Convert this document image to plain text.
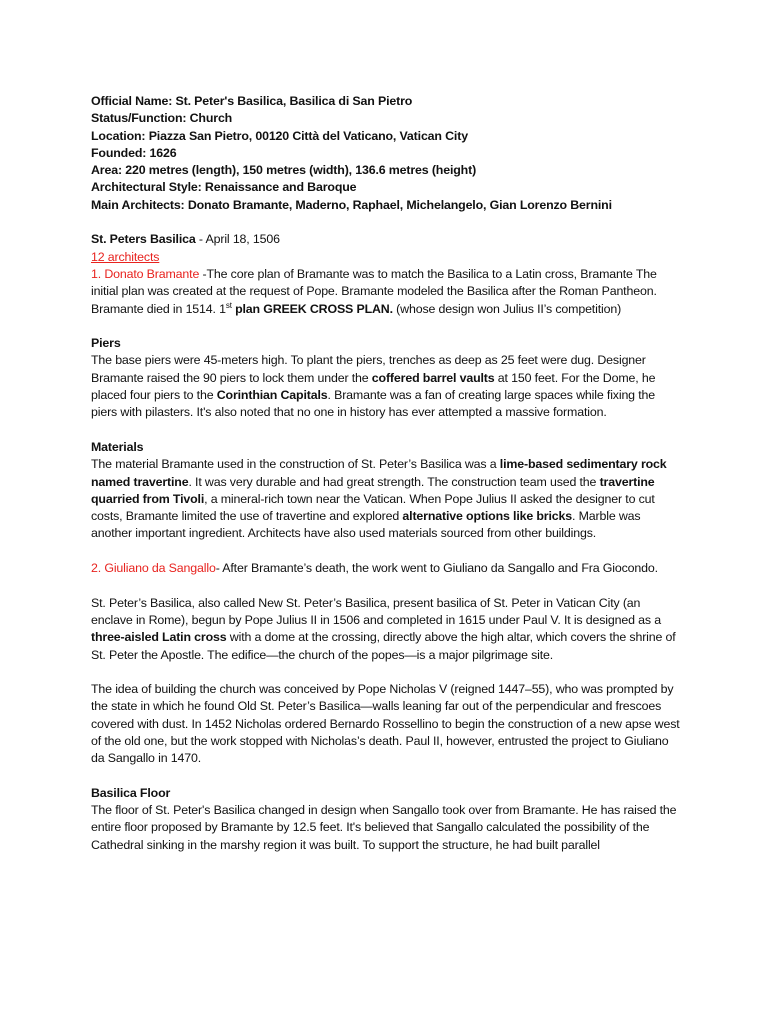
Official Name: St. Peter's Basilica, Basilica di San Pietro

Status/Function: Church

Location: Piazza San Pietro, 00120 Città del Vaticano, Vatican City

Founded: 1626

Area: 220 metres (length), 150 metres (width), 136.6 metres (height)

Architectural Style: Renaissance and Baroque

Main Architects: Donato Bramante, Maderno, Raphael, Michelangelo, Gian Lorenzo Bernini

St. Peters Basilica - April 18, 1506

12 architects

1. Donato Bramante -The core plan of Bramante was to match the Basilica to a Latin cross, Bramante The initial plan was created at the request of Pope. Bramante modeled the Basilica after the Roman Pantheon. Bramante died in 1514. 1st plan GREEK CROSS PLAN. (whose design won Julius II’s competition)

Piers

The base piers were 45-meters high. To plant the piers, trenches as deep as 25 feet were dug. Designer Bramante raised the 90 piers to lock them under the coffered barrel vaults at 150 feet. For the Dome, he placed four piers to the Corinthian Capitals. Bramante was a fan of creating large spaces while fixing the piers with pilasters. It's also noted that no one in history has ever attempted a massive formation.

Materials

The material Bramante used in the construction of St. Peter’s Basilica was a lime-based sedimentary rock named travertine. It was very durable and had great strength. The construction team used the travertine quarried from Tivoli, a mineral-rich town near the Vatican. When Pope Julius II asked the designer to cut costs, Bramante limited the use of travertine and explored alternative options like bricks. Marble was another important ingredient. Architects have also used materials sourced from other buildings.

2. Giuliano da Sangallo- After Bramante’s death, the work went to Giuliano da Sangallo and Fra Giocondo.

St. Peter’s Basilica, also called New St. Peter’s Basilica, present basilica of St. Peter in Vatican City (an enclave in Rome), begun by Pope Julius II in 1506 and completed in 1615 under Paul V. It is designed as a three-aisled Latin cross with a dome at the crossing, directly above the high altar, which covers the shrine of St. Peter the Apostle. The edifice—the church of the popes—is a major pilgrimage site.

The idea of building the church was conceived by Pope Nicholas V (reigned 1447–55), who was prompted by the state in which he found Old St. Peter’s Basilica—walls leaning far out of the perpendicular and frescoes covered with dust. In 1452 Nicholas ordered Bernardo Rossellino to begin the construction of a new apse west of the old one, but the work stopped with Nicholas’s death. Paul II, however, entrusted the project to Giuliano da Sangallo in 1470.

Basilica Floor

The floor of St. Peter's Basilica changed in design when Sangallo took over from Bramante. He has raised the entire floor proposed by Bramante by 12.5 feet. It's believed that Sangallo calculated the possibility of the Cathedral sinking in the marshy region it was built. To support the structure, he had built parallel
